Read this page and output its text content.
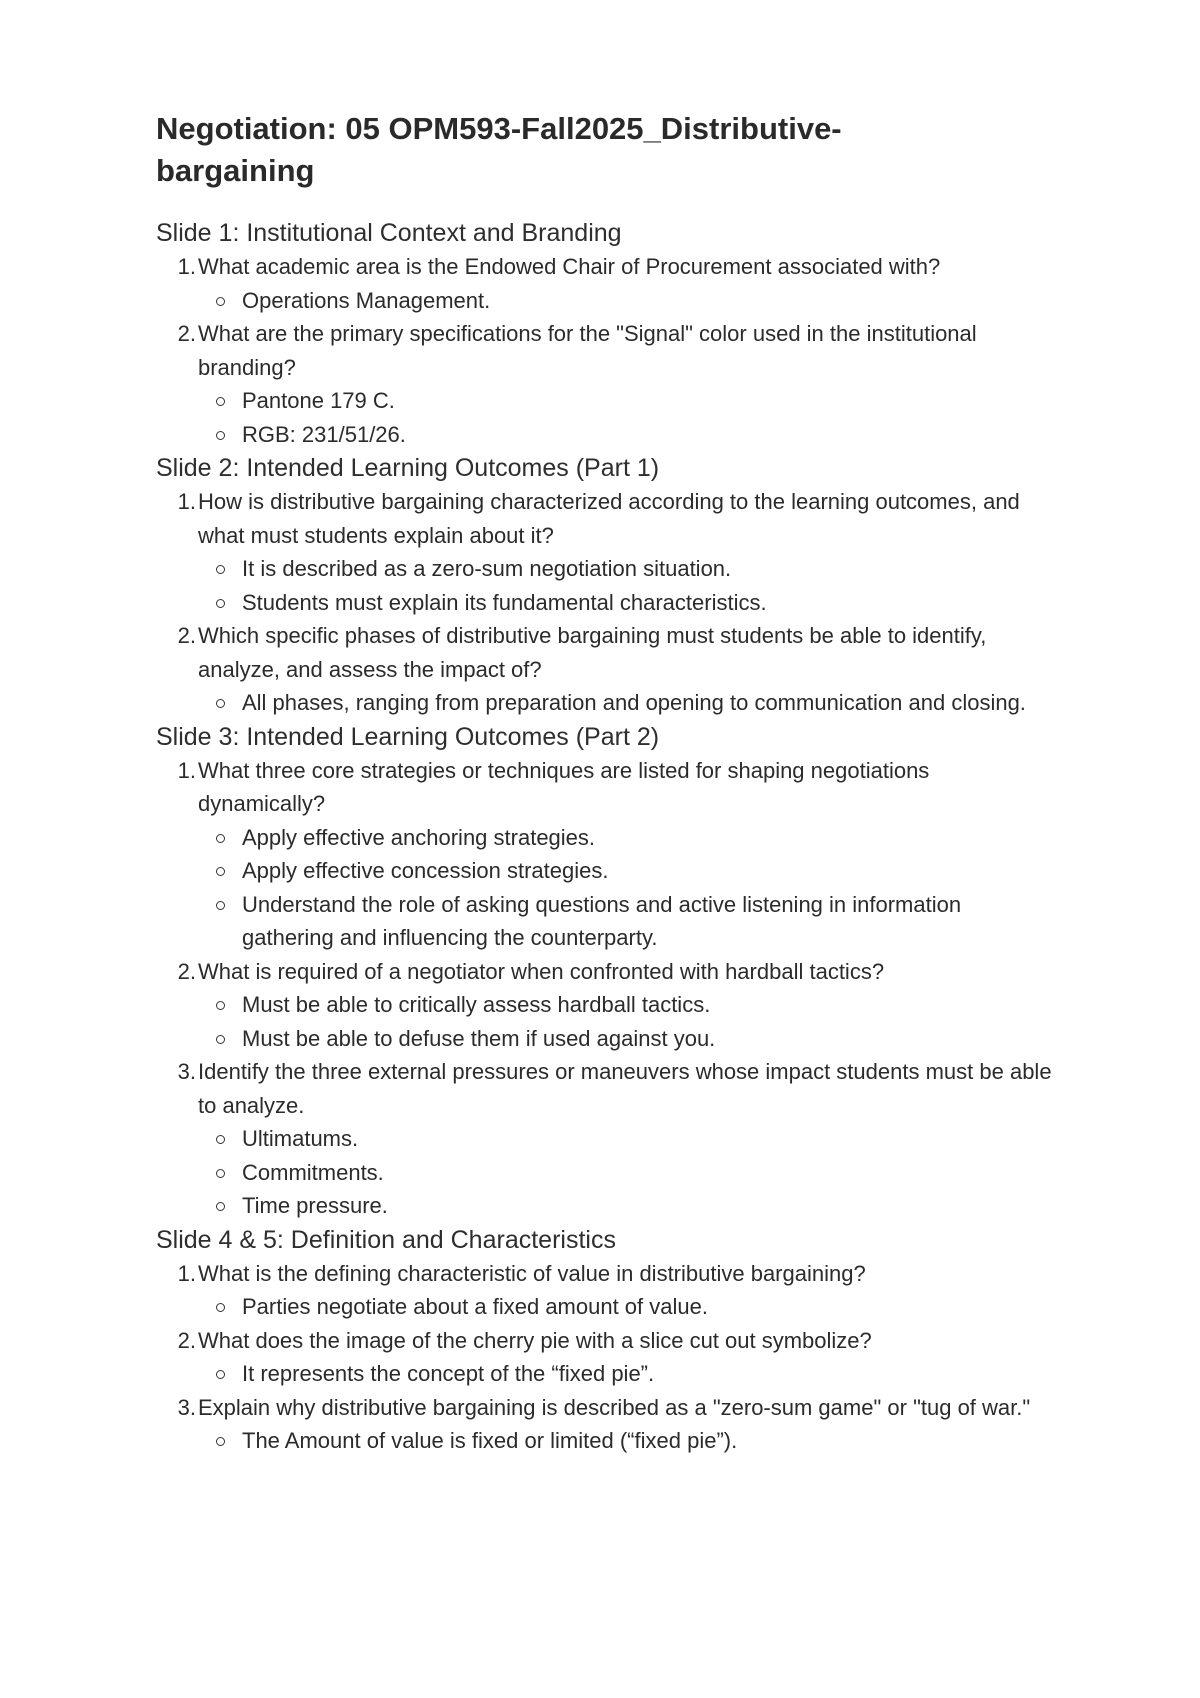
Negotiation: 05 OPM593-Fall2025_Distributive-bargaining
Slide 1: Institutional Context and Branding
1. What academic area is the Endowed Chair of Procurement associated with?
Operations Management.
2. What are the primary specifications for the "Signal" color used in the institutional branding?
Pantone 179 C.
RGB: 231/51/26.
Slide 2: Intended Learning Outcomes (Part 1)
1. How is distributive bargaining characterized according to the learning outcomes, and what must students explain about it?
It is described as a zero-sum negotiation situation.
Students must explain its fundamental characteristics.
2. Which specific phases of distributive bargaining must students be able to identify, analyze, and assess the impact of?
All phases, ranging from preparation and opening to communication and closing.
Slide 3: Intended Learning Outcomes (Part 2)
1. What three core strategies or techniques are listed for shaping negotiations dynamically?
Apply effective anchoring strategies.
Apply effective concession strategies.
Understand the role of asking questions and active listening in information gathering and influencing the counterparty.
2. What is required of a negotiator when confronted with hardball tactics?
Must be able to critically assess hardball tactics.
Must be able to defuse them if used against you.
3. Identify the three external pressures or maneuvers whose impact students must be able to analyze.
Ultimatums.
Commitments.
Time pressure.
Slide 4 & 5: Definition and Characteristics
1. What is the defining characteristic of value in distributive bargaining?
Parties negotiate about a fixed amount of value.
2. What does the image of the cherry pie with a slice cut out symbolize?
It represents the concept of the “fixed pie”.
3. Explain why distributive bargaining is described as a "zero-sum game" or "tug of war."
The Amount of value is fixed or limited (“fixed pie”).
